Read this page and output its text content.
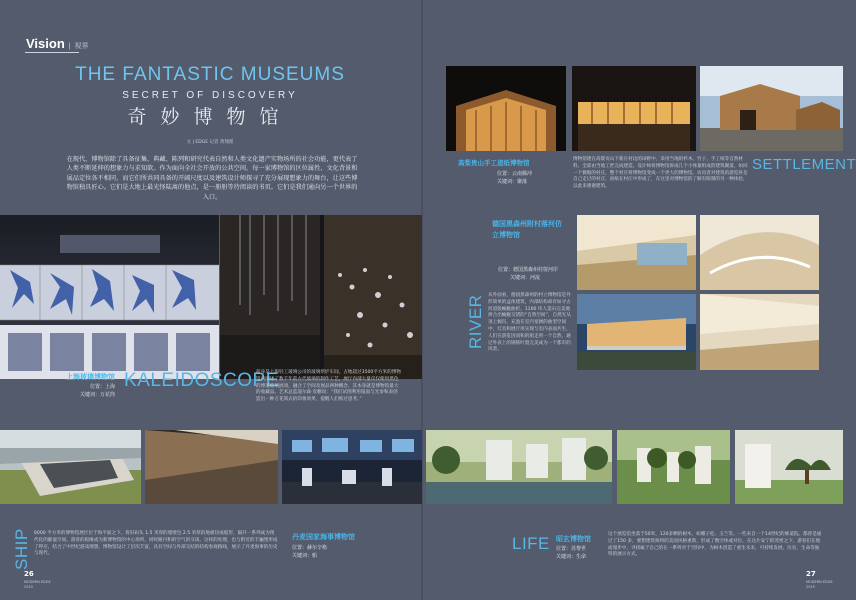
Vision | 视界
THE FANTASTIC MUSEUMS
SECRET OF DISCOVERY
奇妙博物馆
文 | EDGE 记者 黄翔派
在现代，博物馆除了具备征集、典藏、陈列和研究代表自然和人类文化遗产实物场所的社会功能，更代表了人类不断延伸的想象力与求知欲。作为面向全社会开放的公共空间，每一家博物馆的区位属性、文化背景和展品定位各不相同，而它们所共同具备的开阔尺度以及建筑设计师探寻了充分展现想象力的舞台，让这些博物馆独具匠心。它们是大地上最光怪陆离的他点，是一册册等待阅读的书页。它们是我们通向另一个世界的入口。
上海玻璃博物馆
位置：上海
关键词：万花筒
KALEIDOSCOPE
前身是上海轻工玻璃公司的玻璃熔炉车间，占地超过3500平方米的博物馆内阐述了数千年前古代玻璃的制作工艺，展厅内部大量仅仅使用黑色的博道玻璃展项，融合了空间及展品两种概念，其本身就是博物馆最大的收藏品。艺术总监迪尔森·皮鹏说：“我们试图利用镜面与光参和表创造出一种万花筒式的印象效果，提醒人们推过思考。”
SHIP 6000 平方米的博物馆展区位于海平面之下。将旧码头 1.5 米厚的墙壁包 2.5 米厚的地板切成船形，隔开一系列成为现代化的静谧空间。游客的船缘成为新博物馆的中心场所，同时跟丹和的空气的交谈。这样的处理，也与附近的丰骊堡形成了呼应，结合了中世纪游戏理想。博物馆设计了层次丰富，具有空间与外部交结的结构参观路线，展示了丹麦海事的历史与现代。
丹麦国家海事博物馆
位置：赫尔辛格
关键词：船
26
MODERN EDGE
2019
高梨贵山手工道纸博物馆
位置：云南腾冲
关键词：聚落
博物馆建在高黎贡山下新庄村边的田野中，采用当地的杉木、竹子、手工纸等自然材料，全部由当地工匠完成建造。设计师将博物馆拆成几个小体量组成的建筑聚落，如同一个微缩的村庄，整个村庄将博物馆变成一个更大的博物馆。访问者对建筑的游览将是自己走过的村庄，而纸在村庄中形成了，在这里对博物馆的了解有限制的另一种体验，以此来感谢建筑。
SETTLEMENT
德国黑森州附村落河仿立博物馆
位置：德国黑森州村射河岸
关键词：河流
RIVER 从外面看，德国黑森州的村立博物馆是外形简单的盒体建筑，内部结构却有如寻古河道般蜿蜒曲折。1100 块人造石完美地拼合出蜿蜒交错的“自然空间”，自然光从顶上倾泻，充盈在室内宽阔的曲型空间中，灯具和展厅用实现与室内表面共生，人们在游览因而和的船走到一个自然，通过外表上的钢筋叶置完美成为一个都市的风景。
LIFE 昭玄博物馆
位置：苏黎世
关键词：生命
这个展览馆坐落于50米，120多颗的树木，如椰子松、玉兰等。一些来自一个14世纪的修道院。都曾是通过了150 多，要想建筑师将的美国风格重新，形成了数空体或对位，在这片安宁的茂密之下，游客们在地面漫步中，寻找属于自己的在一系列对于空间中，为树木创造了重生未来，可持续发展、历史、生命等独特的展示方式。
27
MODERN EDGE
2019
